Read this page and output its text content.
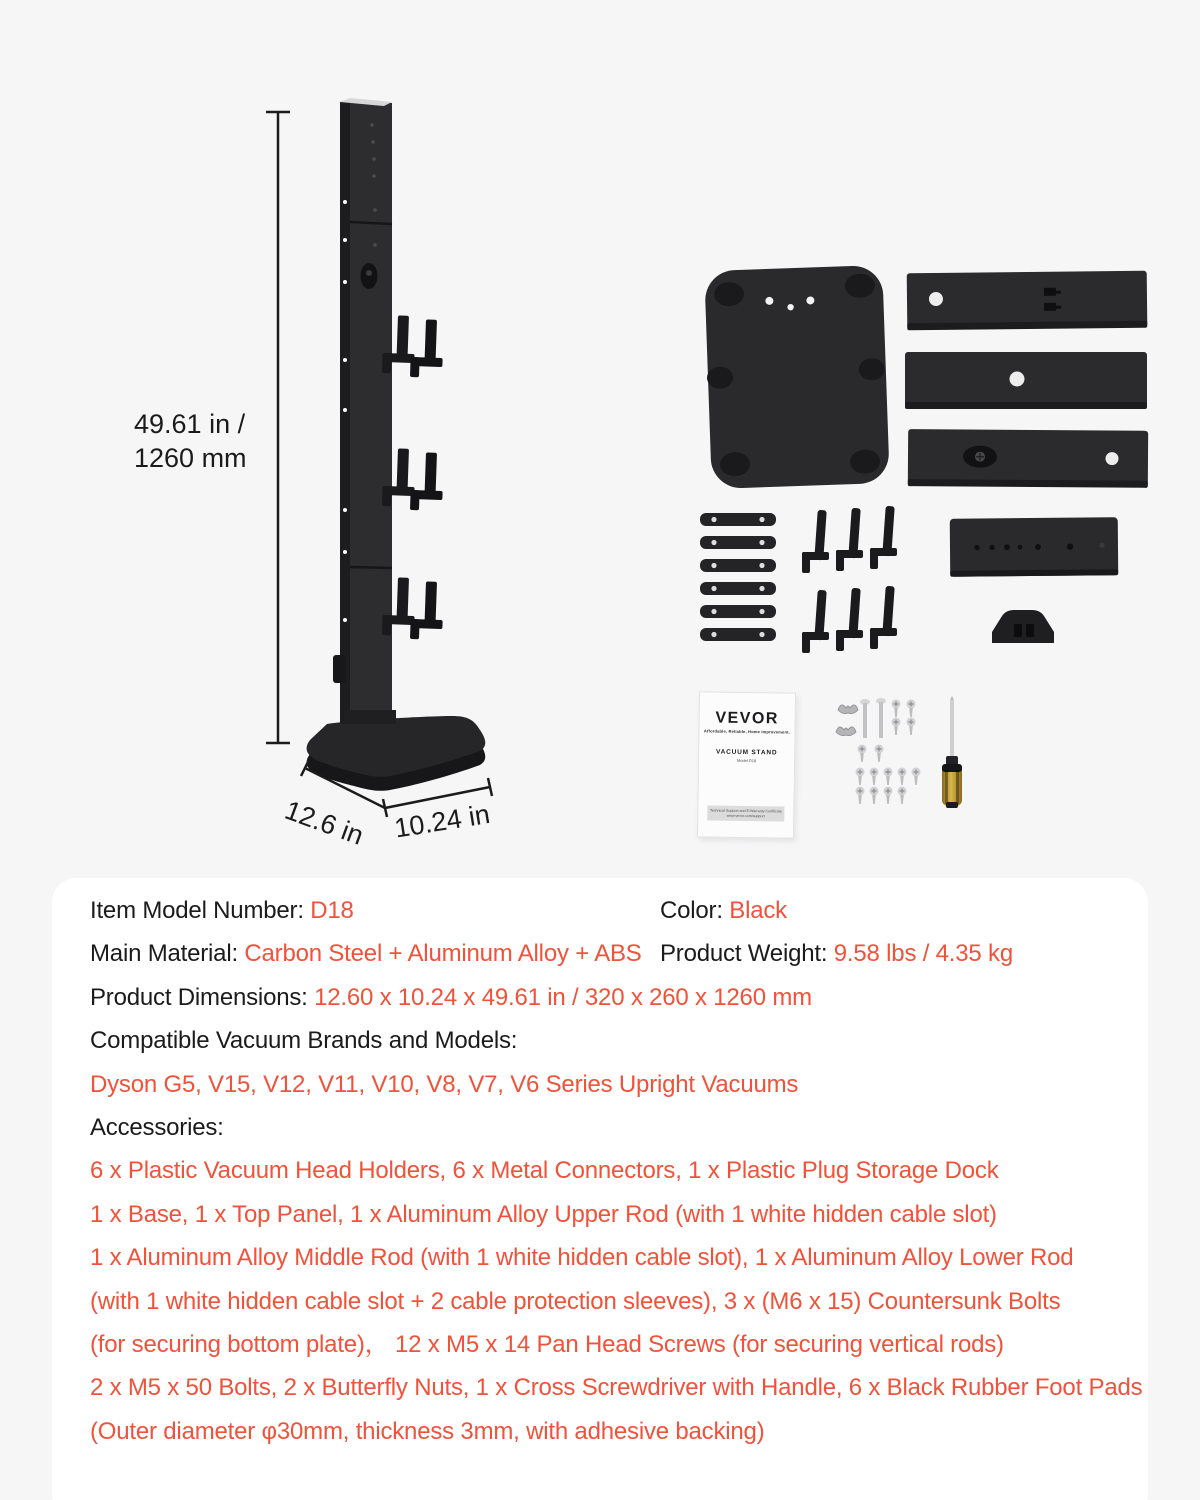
49.61 in /
1260 mm
12.6 in 10.24 in
VEVOR
Affordable, Reliable, Home Improvement.
VACUUM STAND
Model D18
Technical Support and E-Warranty Certificate
www.vevor.com/support
Item Model Number: D18	Color: Black
Main Material: Carbon Steel + Aluminum Alloy + ABS Product Weight: 9.58 lbs / 4.35 kg
Product Dimensions: 12.60 x 10.24 x 49.61 in / 320 x 260 x 1260 mm
Compatible Vacuum Brands and Models:
Dyson G5, V15, V12, V11, V10, V8, V7, V6 Series Upright Vacuums
Accessories:
6 x Plastic Vacuum Head Holders, 6 x Metal Connectors, 1 x Plastic Plug Storage Dock
1 x Base, 1 x Top Panel, 1 x Aluminum Alloy Upper Rod (with 1 white hidden cable slot)
1 x Aluminum Alloy Middle Rod (with 1 white hidden cable slot), 1 x Aluminum Alloy Lower Rod
(with 1 white hidden cable slot + 2 cable protection sleeves), 3 x (M6 x 15) Countersunk Bolts
(for securing bottom plate)， 12 x M5 x 14 Pan Head Screws (for securing vertical rods)
2 x M5 x 50 Bolts, 2 x Butterfly Nuts, 1 x Cross Screwdriver with Handle, 6 x Black Rubber Foot Pads
(Outer diameter φ30mm, thickness 3mm, with adhesive backing)
